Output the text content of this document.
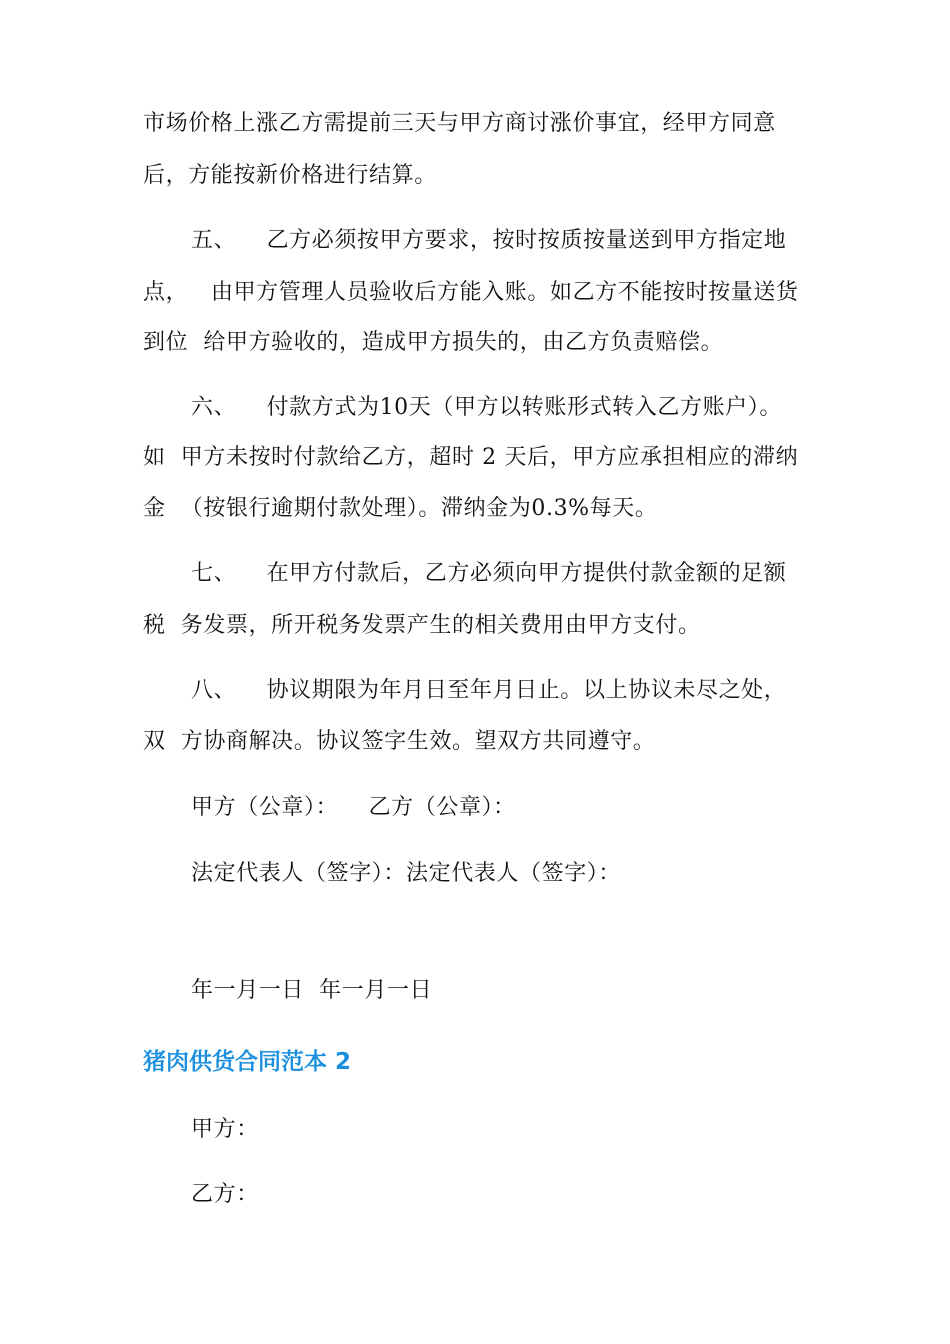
市场价格上涨乙方需提前三天与甲方商讨涨价事宜，经甲方同意
后，方能按新价格进行结算。
五、    乙方必须按甲方要求，按时按质按量送到甲方指定地
点，   由甲方管理人员验收后方能入账。如乙方不能按时按量送货
到位  给甲方验收的，造成甲方损失的，由乙方负责赔偿。
六、    付款方式为10天（甲方以转账形式转入乙方账户）。
如  甲方未按时付款给乙方，超时 2 天后，甲方应承担相应的滞纳
金  （按银行逾期付款处理）。滞纳金为0.3%每天。
七、    在甲方付款后，乙方必须向甲方提供付款金额的足额
税  务发票，所开税务发票产生的相关费用由甲方支付。
八、    协议期限为年月日至年月日止。以上协议未尽之处，
双  方协商解决。协议签字生效。望双方共同遵守。
甲方（公章）：    乙方（公章）：
法定代表人（签字）：法定代表人（签字）：
年一月一日  年一月一日
猪肉供货合同范本 2
甲方：
乙方：
